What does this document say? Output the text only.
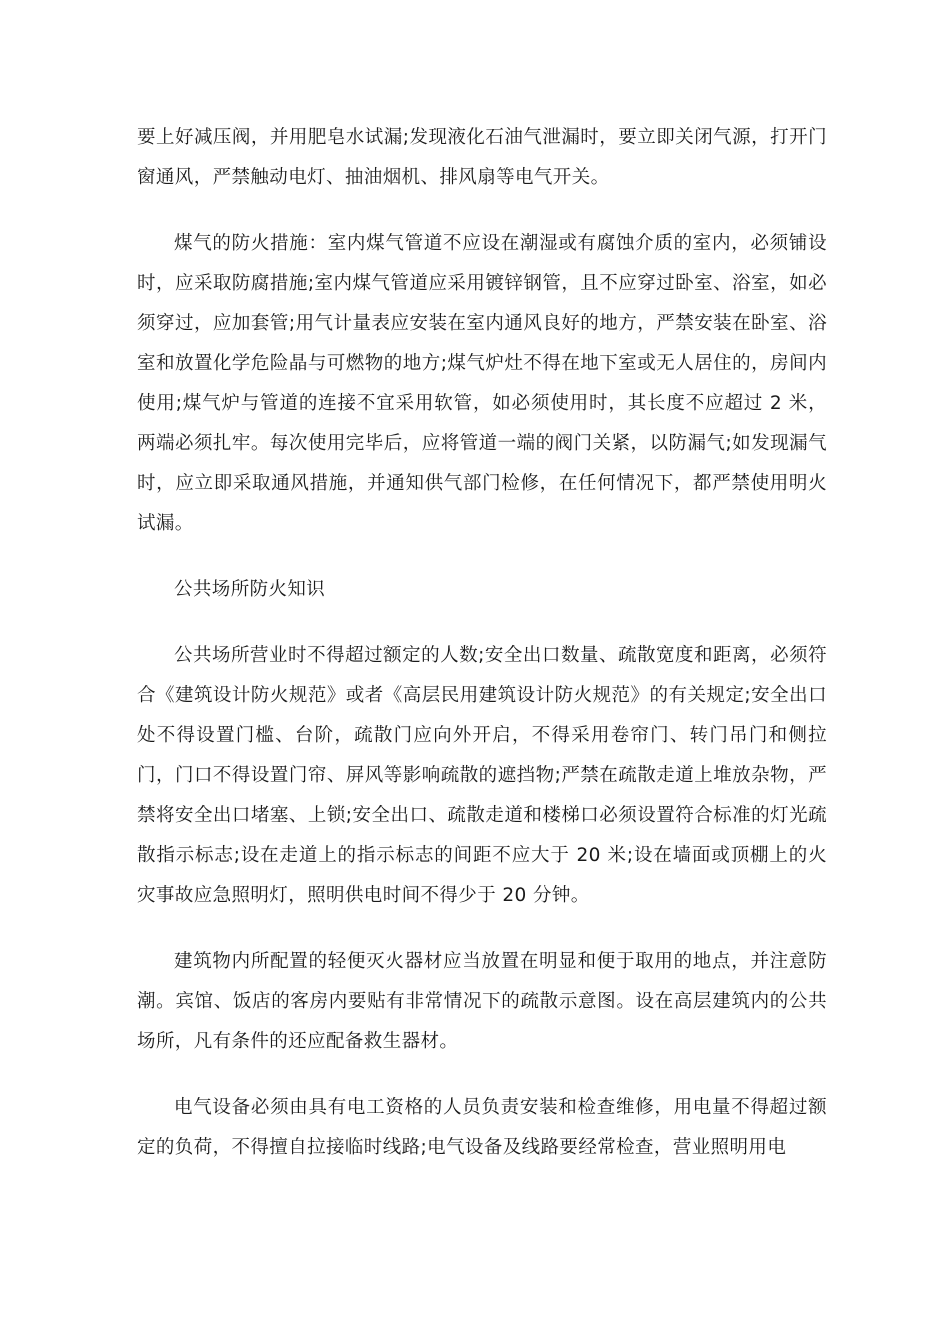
要上好减压阀，并用肥皂水试漏;发现液化石油气泄漏时，要立即关闭气源，打开门窗通风，严禁触动电灯、抽油烟机、排风扇等电气开关。

煤气的防火措施：室内煤气管道不应设在潮湿或有腐蚀介质的室内，必须铺设时，应采取防腐措施;室内煤气管道应采用镀锌钢管，且不应穿过卧室、浴室，如必须穿过，应加套管;用气计量表应安装在室内通风良好的地方，严禁安装在卧室、浴室和放置化学危险晶与可燃物的地方;煤气炉灶不得在地下室或无人居住的，房间内使用;煤气炉与管道的连接不宜采用软管，如必须使用时，其长度不应超过 2 米，两端必须扎牢。每次使用完毕后，应将管道一端的阀门关紧，以防漏气;如发现漏气时，应立即采取通风措施，并通知供气部门检修，在任何情况下，都严禁使用明火试漏。

公共场所防火知识

公共场所营业时不得超过额定的人数;安全出口数量、疏散宽度和距离，必须符合《建筑设计防火规范》或者《高层民用建筑设计防火规范》的有关规定;安全出口处不得设置门槛、台阶，疏散门应向外开启，不得采用卷帘门、转门吊门和侧拉门，门口不得设置门帘、屏风等影响疏散的遮挡物;严禁在疏散走道上堆放杂物，严禁将安全出口堵塞、上锁;安全出口、疏散走道和楼梯口必须设置符合标准的灯光疏散指示标志;设在走道上的指示标志的间距不应大于 20 米;设在墙面或顶棚上的火灾事故应急照明灯，照明供电时间不得少于 20 分钟。

建筑物内所配置的轻便灭火器材应当放置在明显和便于取用的地点，并注意防潮。宾馆、饭店的客房内要贴有非常情况下的疏散示意图。设在高层建筑内的公共场所，凡有条件的还应配备救生器材。

电气设备必须由具有电工资格的人员负责安装和检查维修，用电量不得超过额定的负荷，不得擅自拉接临时线路;电气设备及线路要经常检查，营业照明用电
